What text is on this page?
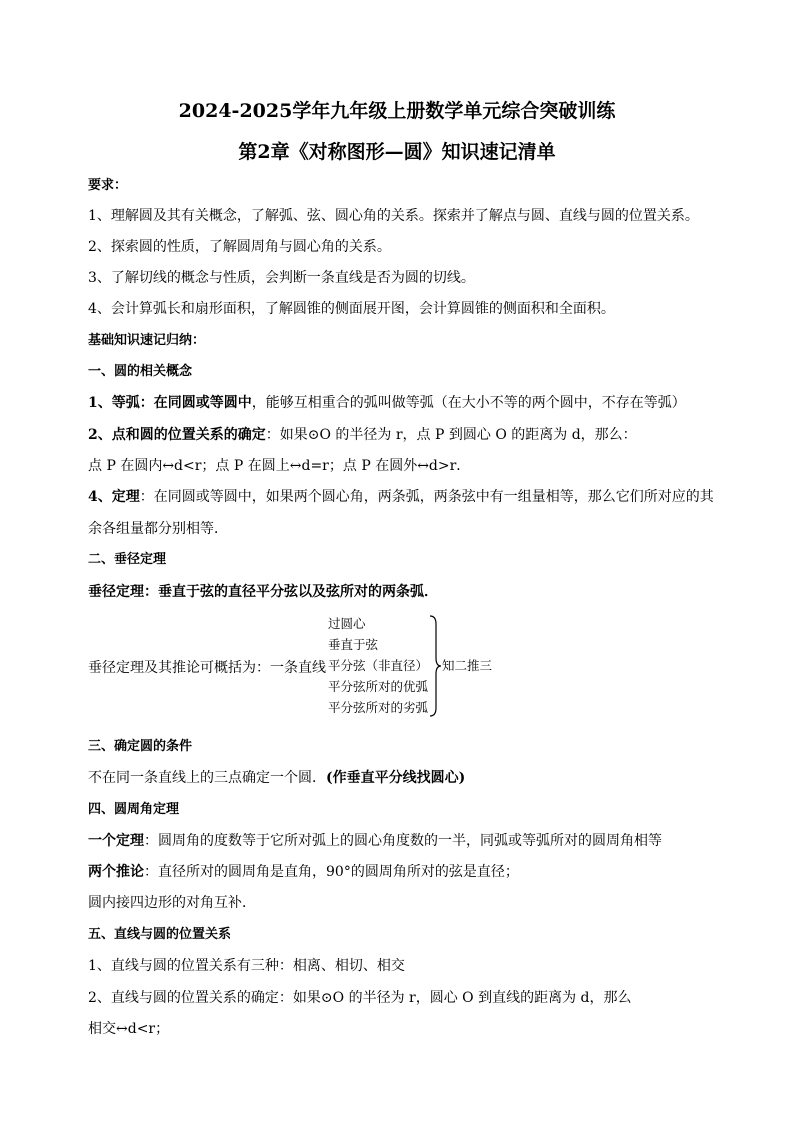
2024-2025学年九年级上册数学单元综合突破训练
第2章《对称图形—圆》知识速记清单
要求：
1、理解圆及其有关概念，了解弧、弦、圆心角的关系。探索并了解点与圆、直线与圆的位置关系。
2、探索圆的性质，了解圆周角与圆心角的关系。
3、了解切线的概念与性质，会判断一条直线是否为圆的切线。
4、会计算弧长和扇形面积，了解圆锥的侧面展开图，会计算圆锥的侧面积和全面积。
基础知识速记归纳：
一、圆的相关概念
1、等弧：在同圆或等圆中，能够互相重合的弧叫做等弧（在大小不等的两个圆中，不存在等弧）
2、点和圆的位置关系的确定：如果⊙O 的半径为 r，点 P 到圆心 O 的距离为 d，那么：
点 P 在圆内↔d<r；点 P 在圆上↔d=r；点 P 在圆外↔d>r．
4、定理：在同圆或等圆中，如果两个圆心角，两条弧，两条弦中有一组量相等，那么它们所对应的其
余各组量都分别相等．
二、垂径定理
垂径定理：垂直于弦的直径平分弦以及弦所对的两条弧．
过圆心
垂直于弦
垂径定理及其推论可概括为：一条直线 平分弦（非直径）
平分弦所对的优弧
平分弦所对的劣弧
知二推三
三、确定圆的条件
不在同一条直线上的三点确定一个圆．(作垂直平分线找圆心)
四、圆周角定理
一个定理：圆周角的度数等于它所对弧上的圆心角度数的一半，同弧或等弧所对的圆周角相等
两个推论：直径所对的圆周角是直角，90°的圆周角所对的弦是直径；
圆内接四边形的对角互补．
五、直线与圆的位置关系
1、直线与圆的位置关系有三种：相离、相切、相交
2、直线与圆的位置关系的确定：如果⊙O 的半径为 r，圆心 O 到直线的距离为 d，那么
相交↔d<r；
